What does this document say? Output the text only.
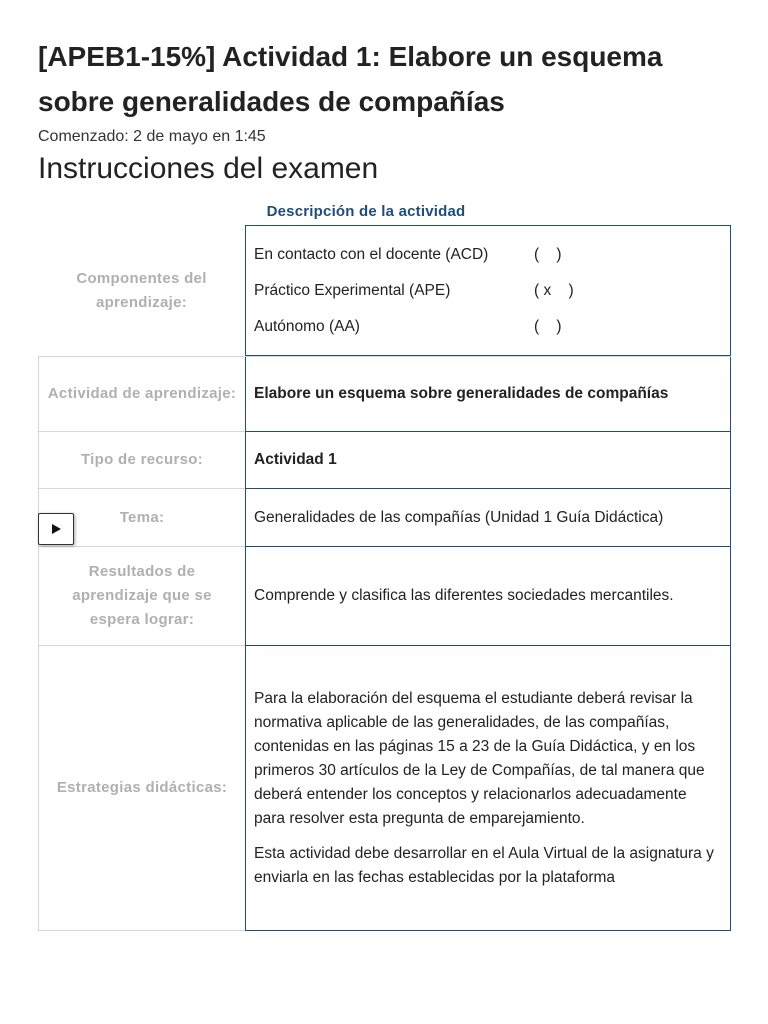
[APEB1-15%] Actividad 1: Elabore un esquema sobre generalidades de compañías
Comenzado: 2 de mayo en 1:45
Instrucciones del examen
Descripción de la actividad
Componentes del aprendizaje:
En contacto con el docente (ACD)	(    )
Práctico Experimental (APE)	( x    )
Autónomo (AA)	(    )
Actividad de aprendizaje:	Elabore un esquema sobre generalidades de compañías
Tipo de recurso:	Actividad 1
Tema:	Generalidades de las compañías (Unidad 1 Guía Didáctica)
Resultados de aprendizaje que se espera lograr:
Comprende y clasifica las diferentes sociedades mercantiles.
Estrategias didácticas:

Para la elaboración del esquema el estudiante deberá revisar la normativa aplicable de las generalidades, de las compañías, contenidas en las páginas 15 a 23 de la Guía Didáctica, y en los primeros 30 artículos de la Ley de Compañías, de tal manera que deberá entender los conceptos y relacionarlos adecuadamente para resolver esta pregunta de emparejamiento.

Esta actividad debe desarrollar en el Aula Virtual de la asignatura y enviarla en las fechas establecidas por la plataforma
